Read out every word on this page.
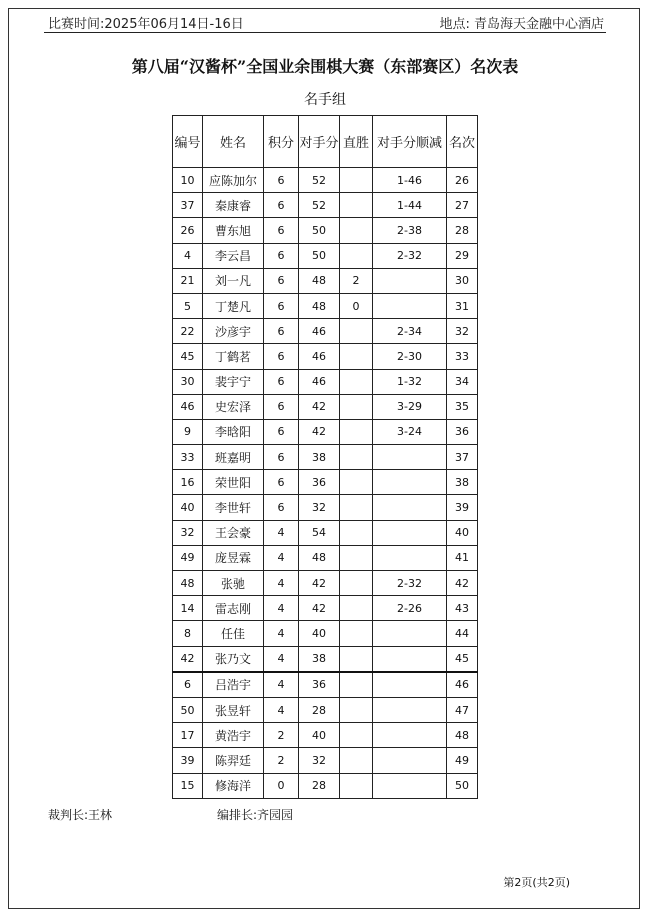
比赛时间:2025年06月14日-16日	地点: 青岛海天金融中心酒店
第八届“汉酱杯”全国业余围棋大赛（东部赛区）名次表
名手组
编号	姓名	积分	对手分	直胜	对手分顺减	名次
10	应陈加尔	6	52		1-46	26
37	秦康睿	6	52		1-44	27
26	曹东旭	6	50		2-38	28
4	李云昌	6	50		2-32	29
21	刘一凡	6	48	2		30
5	丁楚凡	6	48	0		31
22	沙彦宇	6	46		2-34	32
45	丁鹤茗	6	46		2-30	33
30	裴宇宁	6	46		1-32	34
46	史宏泽	6	42		3-29	35
9	李晗阳	6	42		3-24	36
33	班嘉明	6	38			37
16	荣世阳	6	36			38
40	李世轩	6	32			39
32	王会豪	4	54			40
49	庞昱霖	4	48			41
48	张驰	4	42		2-32	42
14	雷志刚	4	42		2-26	43
8	任佳	4	40			44
42	张乃文	4	38			45
6	吕浩宇	4	36			46
50	张昱轩	4	28			47
17	黄浩宇	2	40			48
39	陈羿廷	2	32			49
15	修海洋	0	28			50
裁判长:王林	编排长:齐园园
第2页(共2页)
